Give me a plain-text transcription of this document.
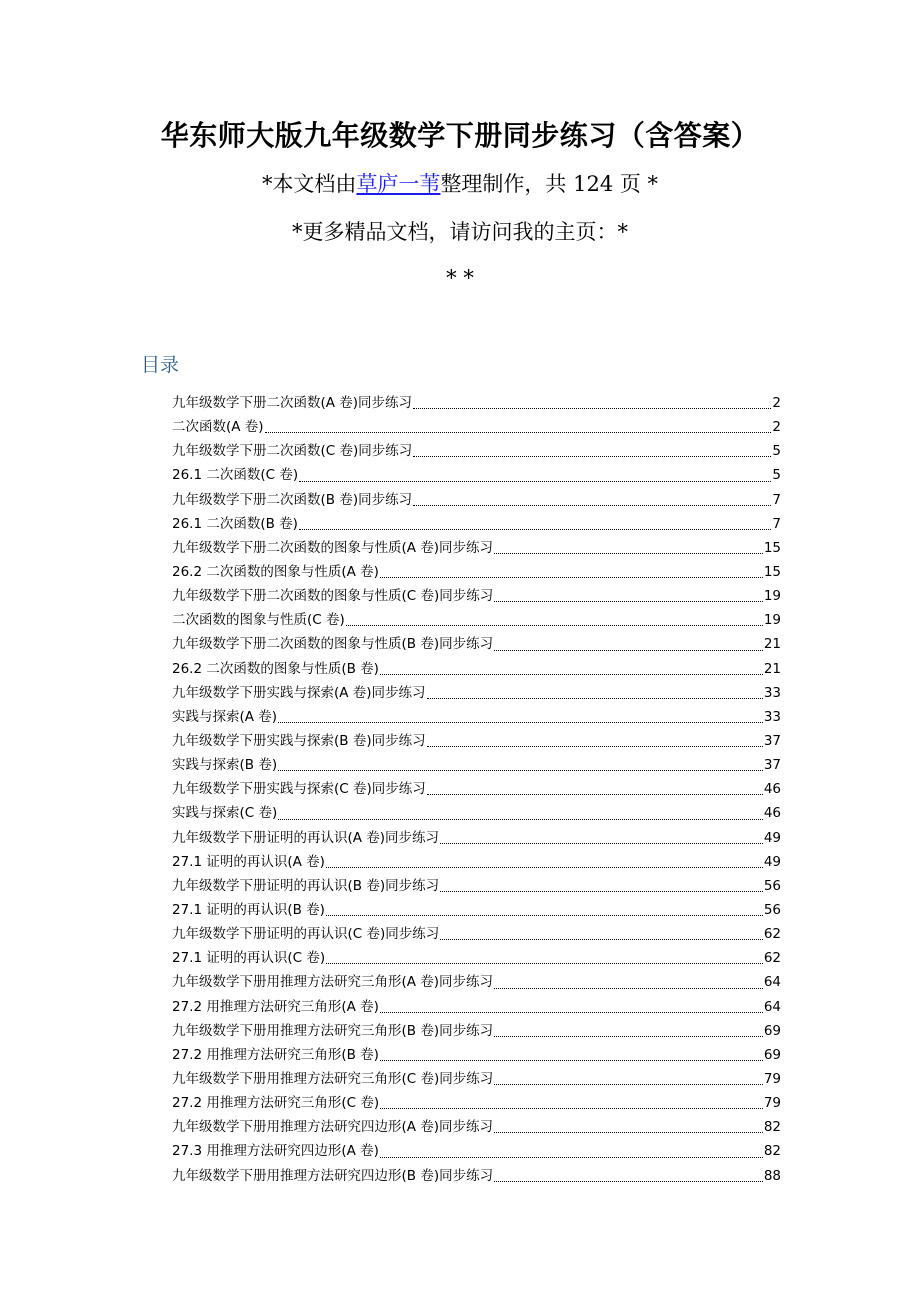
华东师大版九年级数学下册同步练习（含答案）
*本文档由草庐一苇整理制作，共 124 页 *
*更多精品文档，请访问我的主页：*
* *
目录
九年级数学下册二次函数(A 卷)同步练习	2
二次函数(A 卷)	2
九年级数学下册二次函数(C 卷)同步练习	5
26.1 二次函数(C 卷)	5
九年级数学下册二次函数(B 卷)同步练习	7
26.1 二次函数(B 卷)	7
九年级数学下册二次函数的图象与性质(A 卷)同步练习	15
26.2 二次函数的图象与性质(A 卷)	15
九年级数学下册二次函数的图象与性质(C 卷)同步练习	19
二次函数的图象与性质(C 卷)	19
九年级数学下册二次函数的图象与性质(B 卷)同步练习	21
26.2 二次函数的图象与性质(B 卷)	21
九年级数学下册实践与探索(A 卷)同步练习	33
实践与探索(A 卷)	33
九年级数学下册实践与探索(B 卷)同步练习	37
实践与探索(B 卷)	37
九年级数学下册实践与探索(C 卷)同步练习	46
实践与探索(C 卷)	46
九年级数学下册证明的再认识(A 卷)同步练习	49
27.1 证明的再认识(A 卷)	49
九年级数学下册证明的再认识(B 卷)同步练习	56
27.1 证明的再认识(B 卷)	56
九年级数学下册证明的再认识(C 卷)同步练习	62
27.1 证明的再认识(C 卷)	62
九年级数学下册用推理方法研究三角形(A 卷)同步练习	64
27.2 用推理方法研究三角形(A 卷)	64
九年级数学下册用推理方法研究三角形(B 卷)同步练习	69
27.2 用推理方法研究三角形(B 卷)	69
九年级数学下册用推理方法研究三角形(C 卷)同步练习	79
27.2 用推理方法研究三角形(C 卷)	79
九年级数学下册用推理方法研究四边形(A 卷)同步练习	82
27.3 用推理方法研究四边形(A 卷)	82
九年级数学下册用推理方法研究四边形(B 卷)同步练习	88
